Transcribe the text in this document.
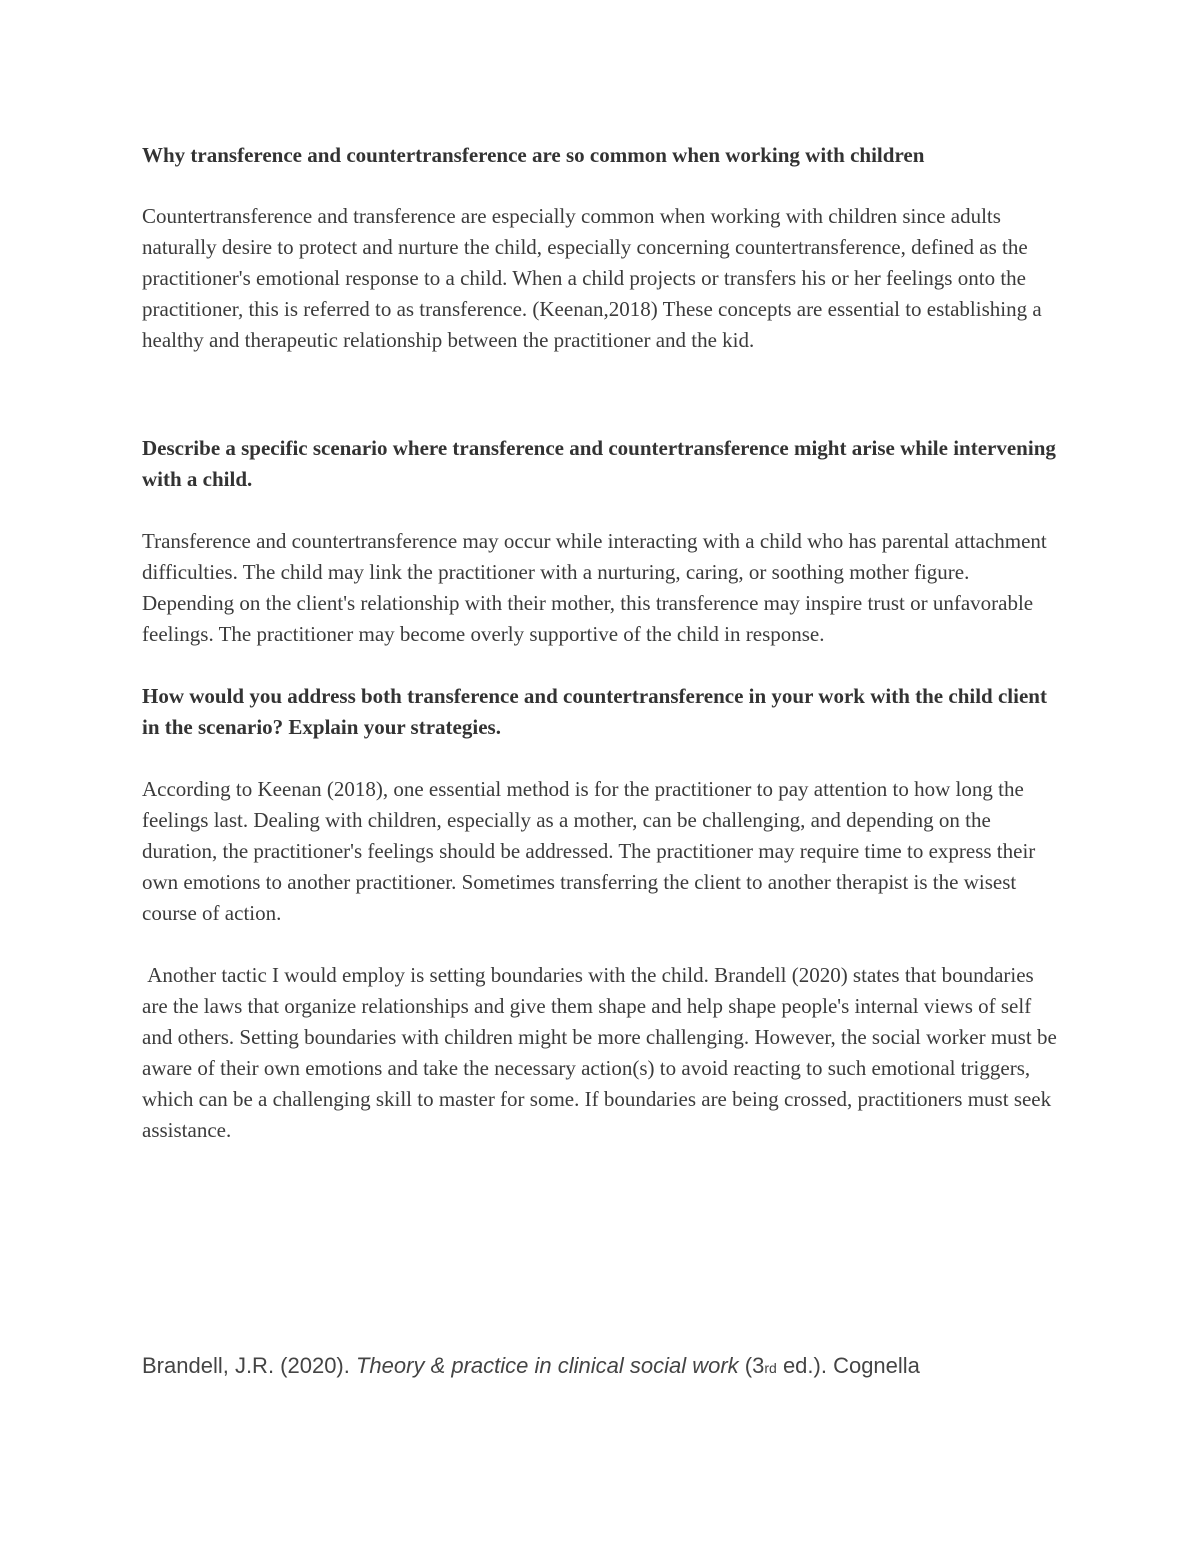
Why transference and countertransference are so common when working with children

Countertransference and transference are especially common when working with children since adults naturally desire to protect and nurture the child, especially concerning countertransference, defined as the practitioner's emotional response to a child. When a child projects or transfers his or her feelings onto the practitioner, this is referred to as transference. (Keenan,2018) These concepts are essential to establishing a healthy and therapeutic relationship between the practitioner and the kid.

Describe a specific scenario where transference and countertransference might arise while intervening with a child.

Transference and countertransference may occur while interacting with a child who has parental attachment difficulties. The child may link the practitioner with a nurturing, caring, or soothing mother figure. Depending on the client's relationship with their mother, this transference may inspire trust or unfavorable feelings. The practitioner may become overly supportive of the child in response.

How would you address both transference and countertransference in your work with the child client in the scenario? Explain your strategies.

According to Keenan (2018), one essential method is for the practitioner to pay attention to how long the feelings last. Dealing with children, especially as a mother, can be challenging, and depending on the duration, the practitioner's feelings should be addressed. The practitioner may require time to express their own emotions to another practitioner. Sometimes transferring the client to another therapist is the wisest course of action.

Another tactic I would employ is setting boundaries with the child. Brandell (2020) states that boundaries are the laws that organize relationships and give them shape and help shape people's internal views of self and others. Setting boundaries with children might be more challenging. However, the social worker must be aware of their own emotions and take the necessary action(s) to avoid reacting to such emotional triggers, which can be a challenging skill to master for some. If boundaries are being crossed, practitioners must seek assistance.

Brandell, J.R. (2020). Theory & practice in clinical social work (3rd ed.). Cognella
